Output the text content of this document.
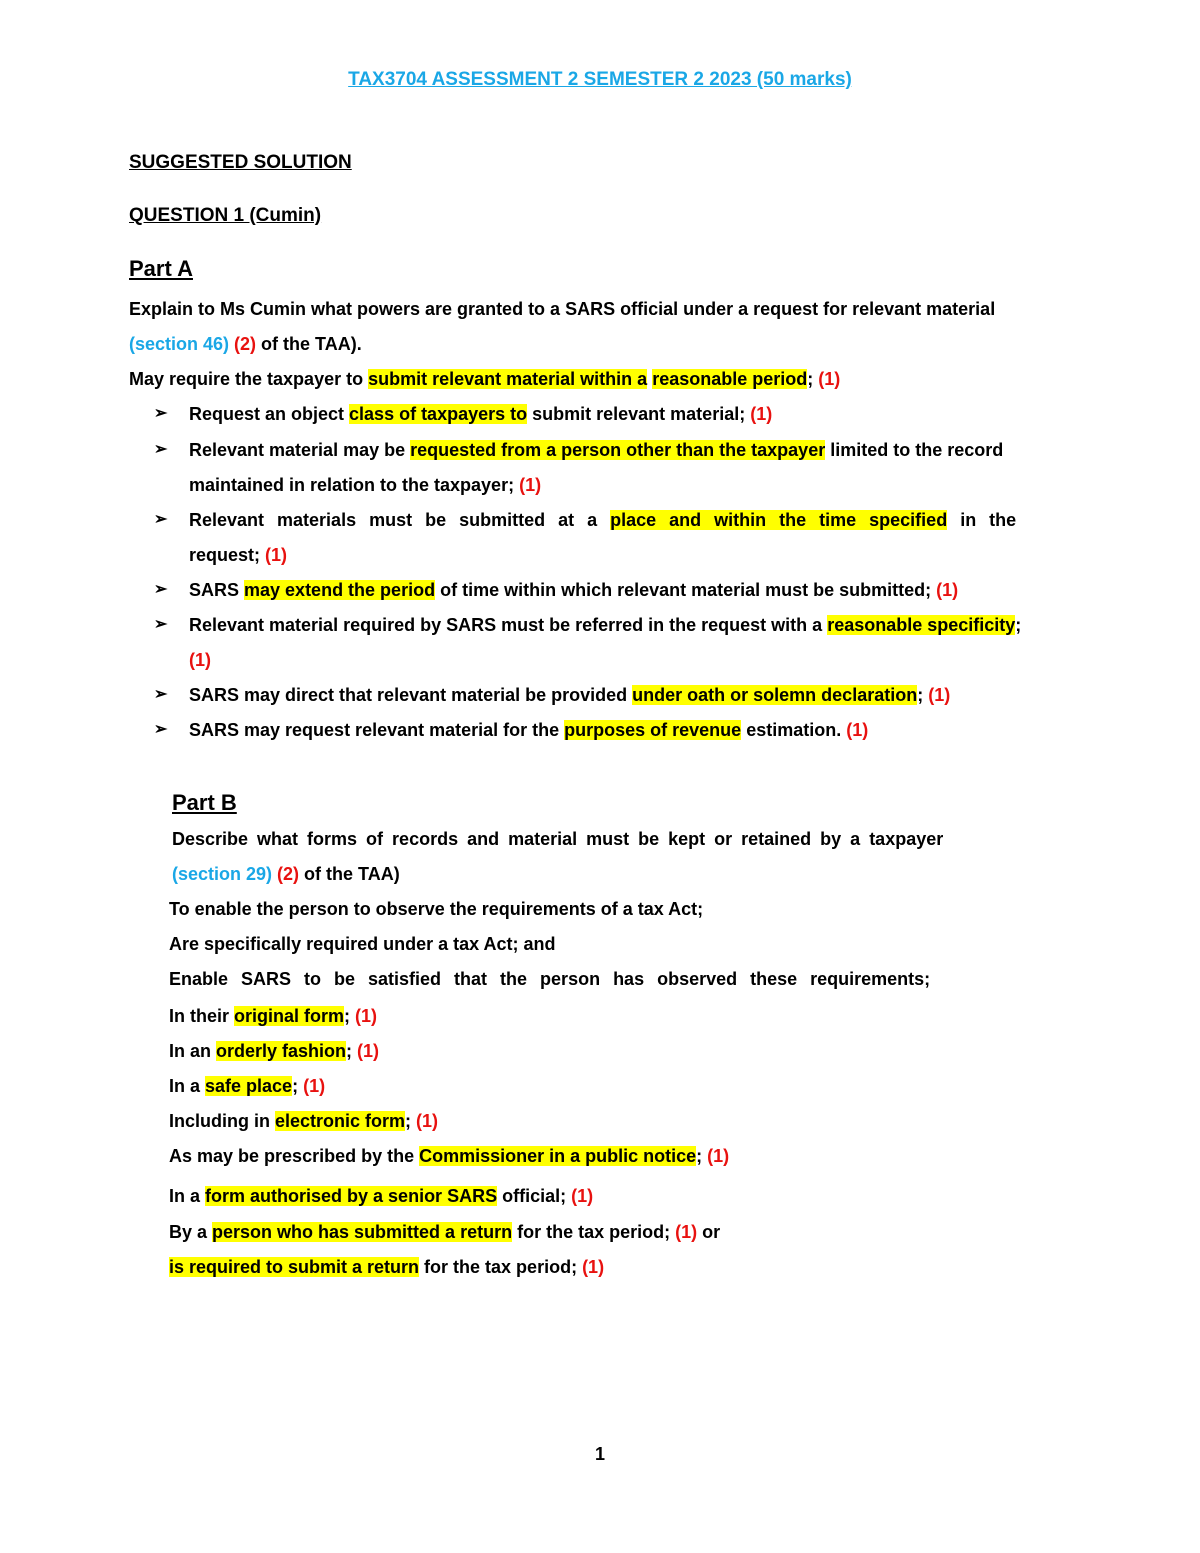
TAX3704 ASSESSMENT 2 SEMESTER 2 2023 (50 marks)
SUGGESTED SOLUTION
QUESTION 1 (Cumin)
Part A
Explain to Ms Cumin what powers are granted to a SARS official under a request for relevant material
(section 46) (2) of the TAA).
May require the taxpayer to submit relevant material within a reasonable period; (1)
➢ Request an object class of taxpayers to submit relevant material; (1)
➢ Relevant material may be requested from a person other than the taxpayer limited to the record
maintained in relation to the taxpayer; (1)
➢ Relevant materials must be submitted at a place and within the time specified in the
request; (1)
➢ SARS may extend the period of time within which relevant material must be submitted; (1)
➢ Relevant material required by SARS must be referred in the request with a reasonable specificity;
(1)
➢ SARS may direct that relevant material be provided under oath or solemn declaration; (1)
➢ SARS may request relevant material for the purposes of revenue estimation. (1)
Part B
Describe what forms of records and material must be kept or retained by a taxpayer
(section 29) (2) of the TAA)
To enable the person to observe the requirements of a tax Act;
Are specifically required under a tax Act; and
Enable SARS to be satisfied that the person has observed these requirements;
In their original form; (1)
In an orderly fashion; (1)
In a safe place; (1)
Including in electronic form; (1)
As may be prescribed by the Commissioner in a public notice; (1)
In a form authorised by a senior SARS official; (1)
By a person who has submitted a return for the tax period; (1) or
is required to submit a return for the tax period; (1)
1
